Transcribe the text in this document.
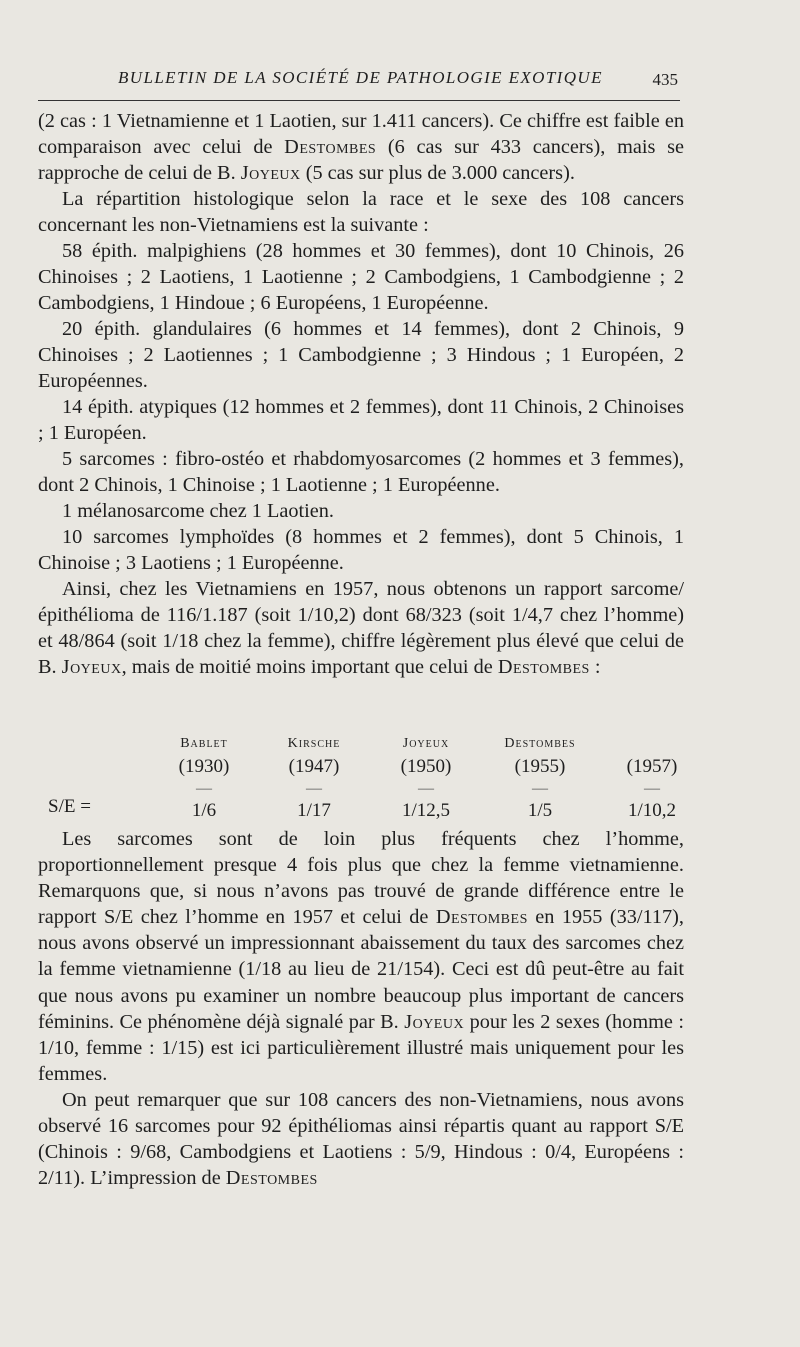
BULLETIN DE LA SOCIÉTÉ DE PATHOLOGIE EXOTIQUE	435

(2 cas : 1 Vietnamienne et 1 Laotien, sur 1.411 cancers). Ce chiffre est faible en comparaison avec celui de Destombes (6 cas sur 433 cancers), mais se rapproche de celui de B. Joyeux (5 cas sur plus de 3.000 cancers).

La répartition histologique selon la race et le sexe des 108 cancers concernant les non-Vietnamiens est la suivante :

58 épith. malpighiens (28 hommes et 30 femmes), dont 10 Chinois, 26 Chinoises ; 2 Laotiens, 1 Laotienne ; 2 Cambodgiens, 1 Cambodgienne ; 2 Cambodgiens, 1 Hindoue ; 6 Européens, 1 Européenne.

20 épith. glandulaires (6 hommes et 14 femmes), dont 2 Chinois, 9 Chinoises ; 2 Laotiennes ; 1 Cambodgienne ; 3 Hindous ; 1 Européen, 2 Européennes.

14 épith. atypiques (12 hommes et 2 femmes), dont 11 Chinois, 2 Chinoises ; 1 Européen.

5 sarcomes : fibro-ostéo et rhabdomyosarcomes (2 hommes et 3 femmes), dont 2 Chinois, 1 Chinoise ; 1 Laotienne ; 1 Européenne.

1 mélanosarcome chez 1 Laotien.

10 sarcomes lymphoïdes (8 hommes et 2 femmes), dont 5 Chinois, 1 Chinoise ; 3 Laotiens ; 1 Européenne.

Ainsi, chez les Vietnamiens en 1957, nous obtenons un rapport sarcome/épithélioma de 116/1.187 (soit 1/10,2) dont 68/323 (soit 1/4,7 chez l’homme) et 48/864 (soit 1/18 chez la femme), chiffre légèrement plus élevé que celui de B. Joyeux, mais de moitié moins important que celui de Destombes :

S/E =
Bablet
(1930)
—
1/6
Kirsche
(1947)
—
1/17
Joyeux
(1950)
—
1/12,5
Destombes
(1955)
—
1/5
(1957)
—
1/10,2

Les sarcomes sont de loin plus fréquents chez l’homme, proportionnellement presque 4 fois plus que chez la femme vietnamienne. Remarquons que, si nous n’avons pas trouvé de grande différence entre le rapport S/E chez l’homme en 1957 et celui de Destombes en 1955 (33/117), nous avons observé un impressionnant abaissement du taux des sarcomes chez la femme vietnamienne (1/18 au lieu de 21/154). Ceci est dû peut-être au fait que nous avons pu examiner un nombre beaucoup plus important de cancers féminins. Ce phénomène déjà signalé par B. Joyeux pour les 2 sexes (homme : 1/10, femme : 1/15) est ici particulièrement illustré mais uniquement pour les femmes.

On peut remarquer que sur 108 cancers des non-Vietnamiens, nous avons observé 16 sarcomes pour 92 épithéliomas ainsi répartis quant au rapport S/E (Chinois : 9/68, Cambodgiens et Laotiens : 5/9, Hindous : 0/4, Européens : 2/11). L’impression de Destombes
